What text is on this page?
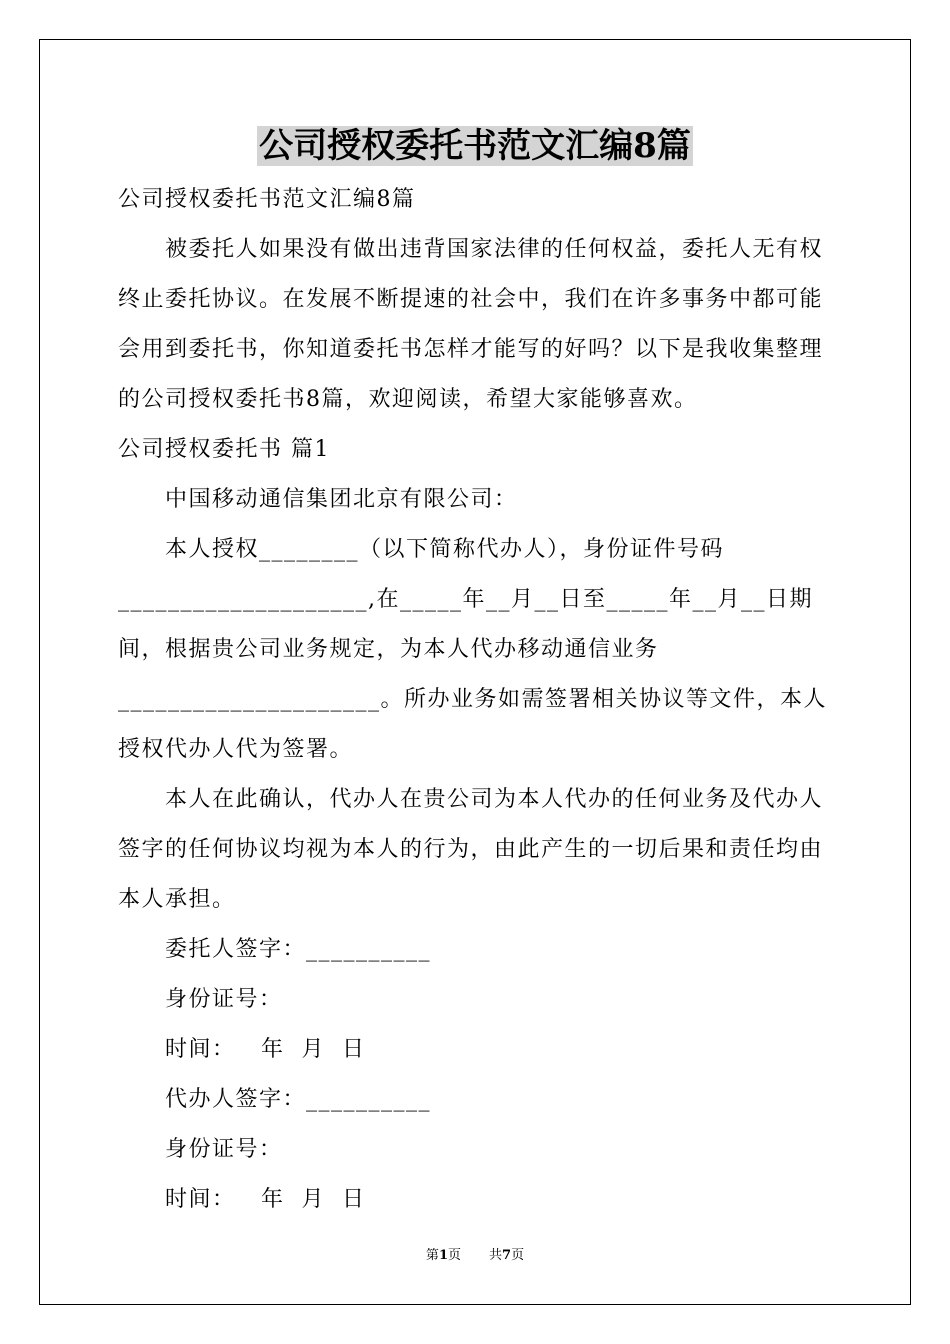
公司授权委托书范文汇编8篇

公司授权委托书范文汇编8篇

被委托人如果没有做出违背国家法律的任何权益，委托人无有权终止委托协议。在发展不断提速的社会中，我们在许多事务中都可能会用到委托书，你知道委托书怎样才能写的好吗？以下是我收集整理的公司授权委托书8篇，欢迎阅读，希望大家能够喜欢。

公司授权委托书 篇1

中国移动通信集团北京有限公司：

本人授权________（以下简称代办人），身份证件号码____________________,在_____年__月__日至_____年__月__日期间，根据贵公司业务规定，为本人代办移动通信业务_____________________。所办业务如需签署相关协议等文件，本人授权代办人代为签署。

本人在此确认，代办人在贵公司为本人代办的任何业务及代办人签字的任何协议均视为本人的行为，由此产生的一切后果和责任均由本人承担。

委托人签字：__________

身份证号：

时间：   年  月  日

代办人签字：__________

身份证号：

时间：   年  月  日

第1页 共7页
